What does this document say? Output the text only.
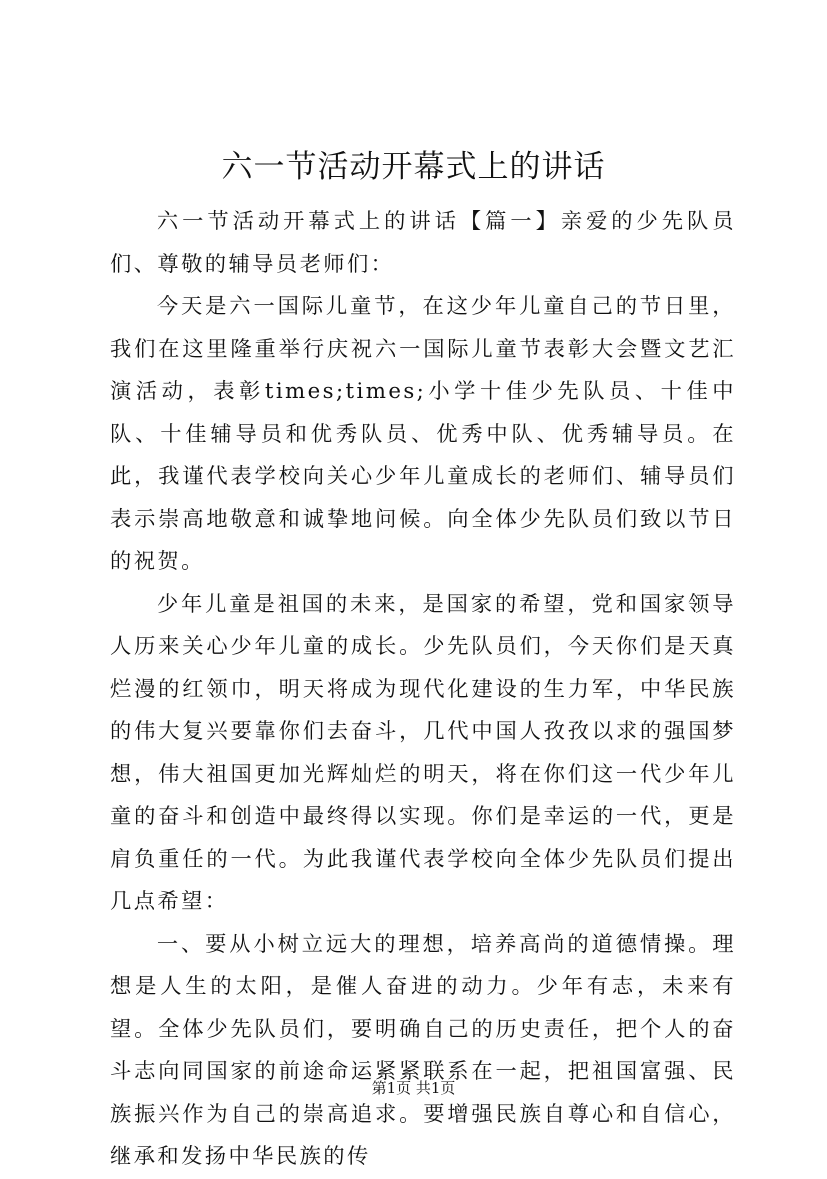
六一节活动开幕式上的讲话

六一节活动开幕式上的讲话【篇一】亲爱的少先队员们、尊敬的辅导员老师们：

今天是六一国际儿童节，在这少年儿童自己的节日里，我们在这里隆重举行庆祝六一国际儿童节表彰大会暨文艺汇演活动，表彰times;times;小学十佳少先队员、十佳中队、十佳辅导员和优秀队员、优秀中队、优秀辅导员。在此，我谨代表学校向关心少年儿童成长的老师们、辅导员们表示崇高地敬意和诚挚地问候。向全体少先队员们致以节日的祝贺。

少年儿童是祖国的未来，是国家的希望，党和国家领导人历来关心少年儿童的成长。少先队员们，今天你们是天真烂漫的红领巾，明天将成为现代化建设的生力军，中华民族的伟大复兴要靠你们去奋斗，几代中国人孜孜以求的强国梦想，伟大祖国更加光辉灿烂的明天，将在你们这一代少年儿童的奋斗和创造中最终得以实现。你们是幸运的一代，更是肩负重任的一代。为此我谨代表学校向全体少先队员们提出几点希望：

一、要从小树立远大的理想，培养高尚的道德情操。理想是人生的太阳，是催人奋进的动力。少年有志，未来有望。全体少先队员们，要明确自己的历史责任，把个人的奋斗志向同国家的前途命运紧紧联系在一起，把祖国富强、民族振兴作为自己的崇高追求。要增强民族自尊心和自信心，继承和发扬中华民族的传

第1页 共1页
